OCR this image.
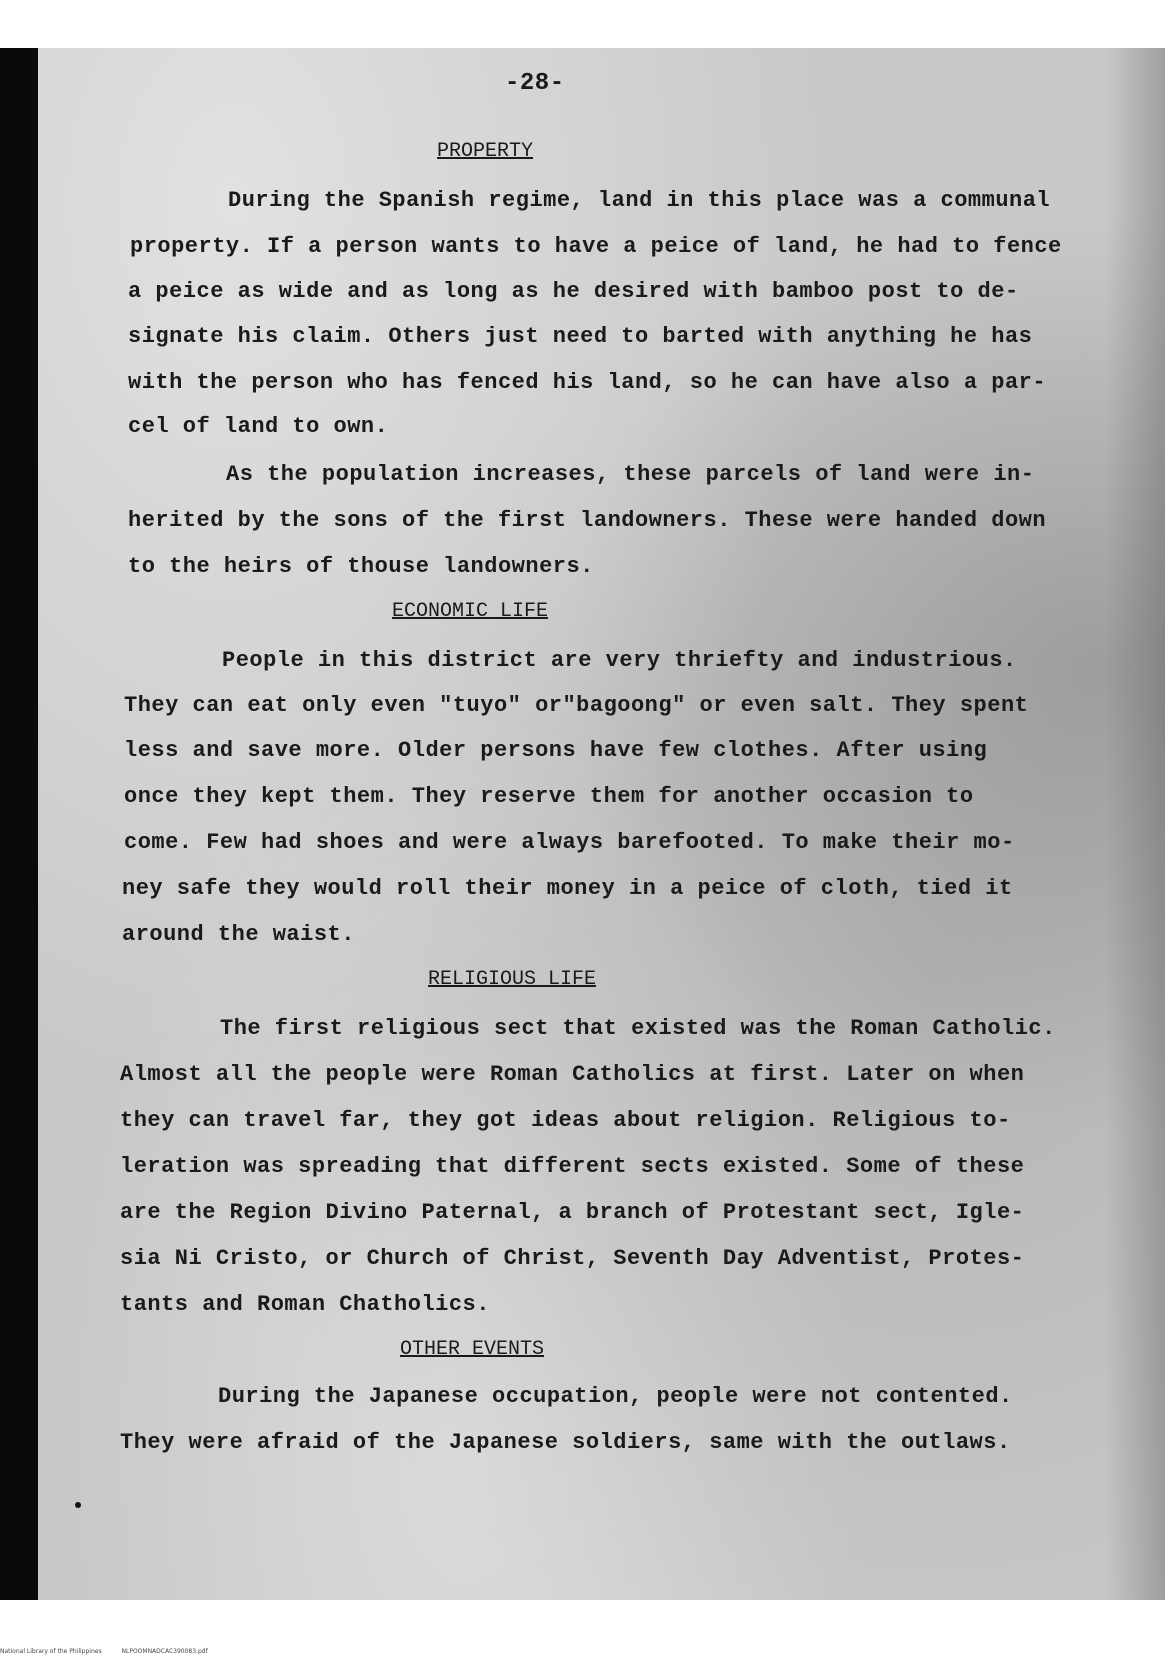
-28-
PROPERTY
During the Spanish regime, land in this place was a communal
property. If a person wants to have a peice of land, he had to fence
a peice as wide and as long as he desired with bamboo post to de-
signate his claim. Others just need to barted with anything he has
with the person who has fenced his land, so he can have also a par-
cel of land to own.
As the population increases, these parcels of land were in-
herited by the sons of the first landowners. These were handed down
to the heirs of thouse landowners.
ECONOMIC LIFE
People in this district are very thriefty and industrious.
They can eat only even "tuyo" or"bagoong" or even salt. They spent
less and save more. Older persons have few clothes. After using
once they kept them. They reserve them for another occasion to
come. Few had shoes and were always barefooted. To make their mo-
ney safe they would roll their money in a peice of cloth, tied it
around the waist.
RELIGIOUS LIFE
The first religious sect that existed was the Roman Catholic.
Almost all the people were Roman Catholics at first. Later on when
they can travel far, they got ideas about religion. Religious to-
leration was spreading that different sects existed. Some of these
are the Region Divino Paternal, a branch of Protestant sect, Igle-
sia Ni Cristo, or Church of Christ, Seventh Day Adventist, Protes-
tants and Roman Chatholics.
OTHER EVENTS
During the Japanese occupation, people were not contented.
They were afraid of the Japanese soldiers, same with the outlaws.
National Library of the Philippines	NLPOOMNADCAC390083.pdf
